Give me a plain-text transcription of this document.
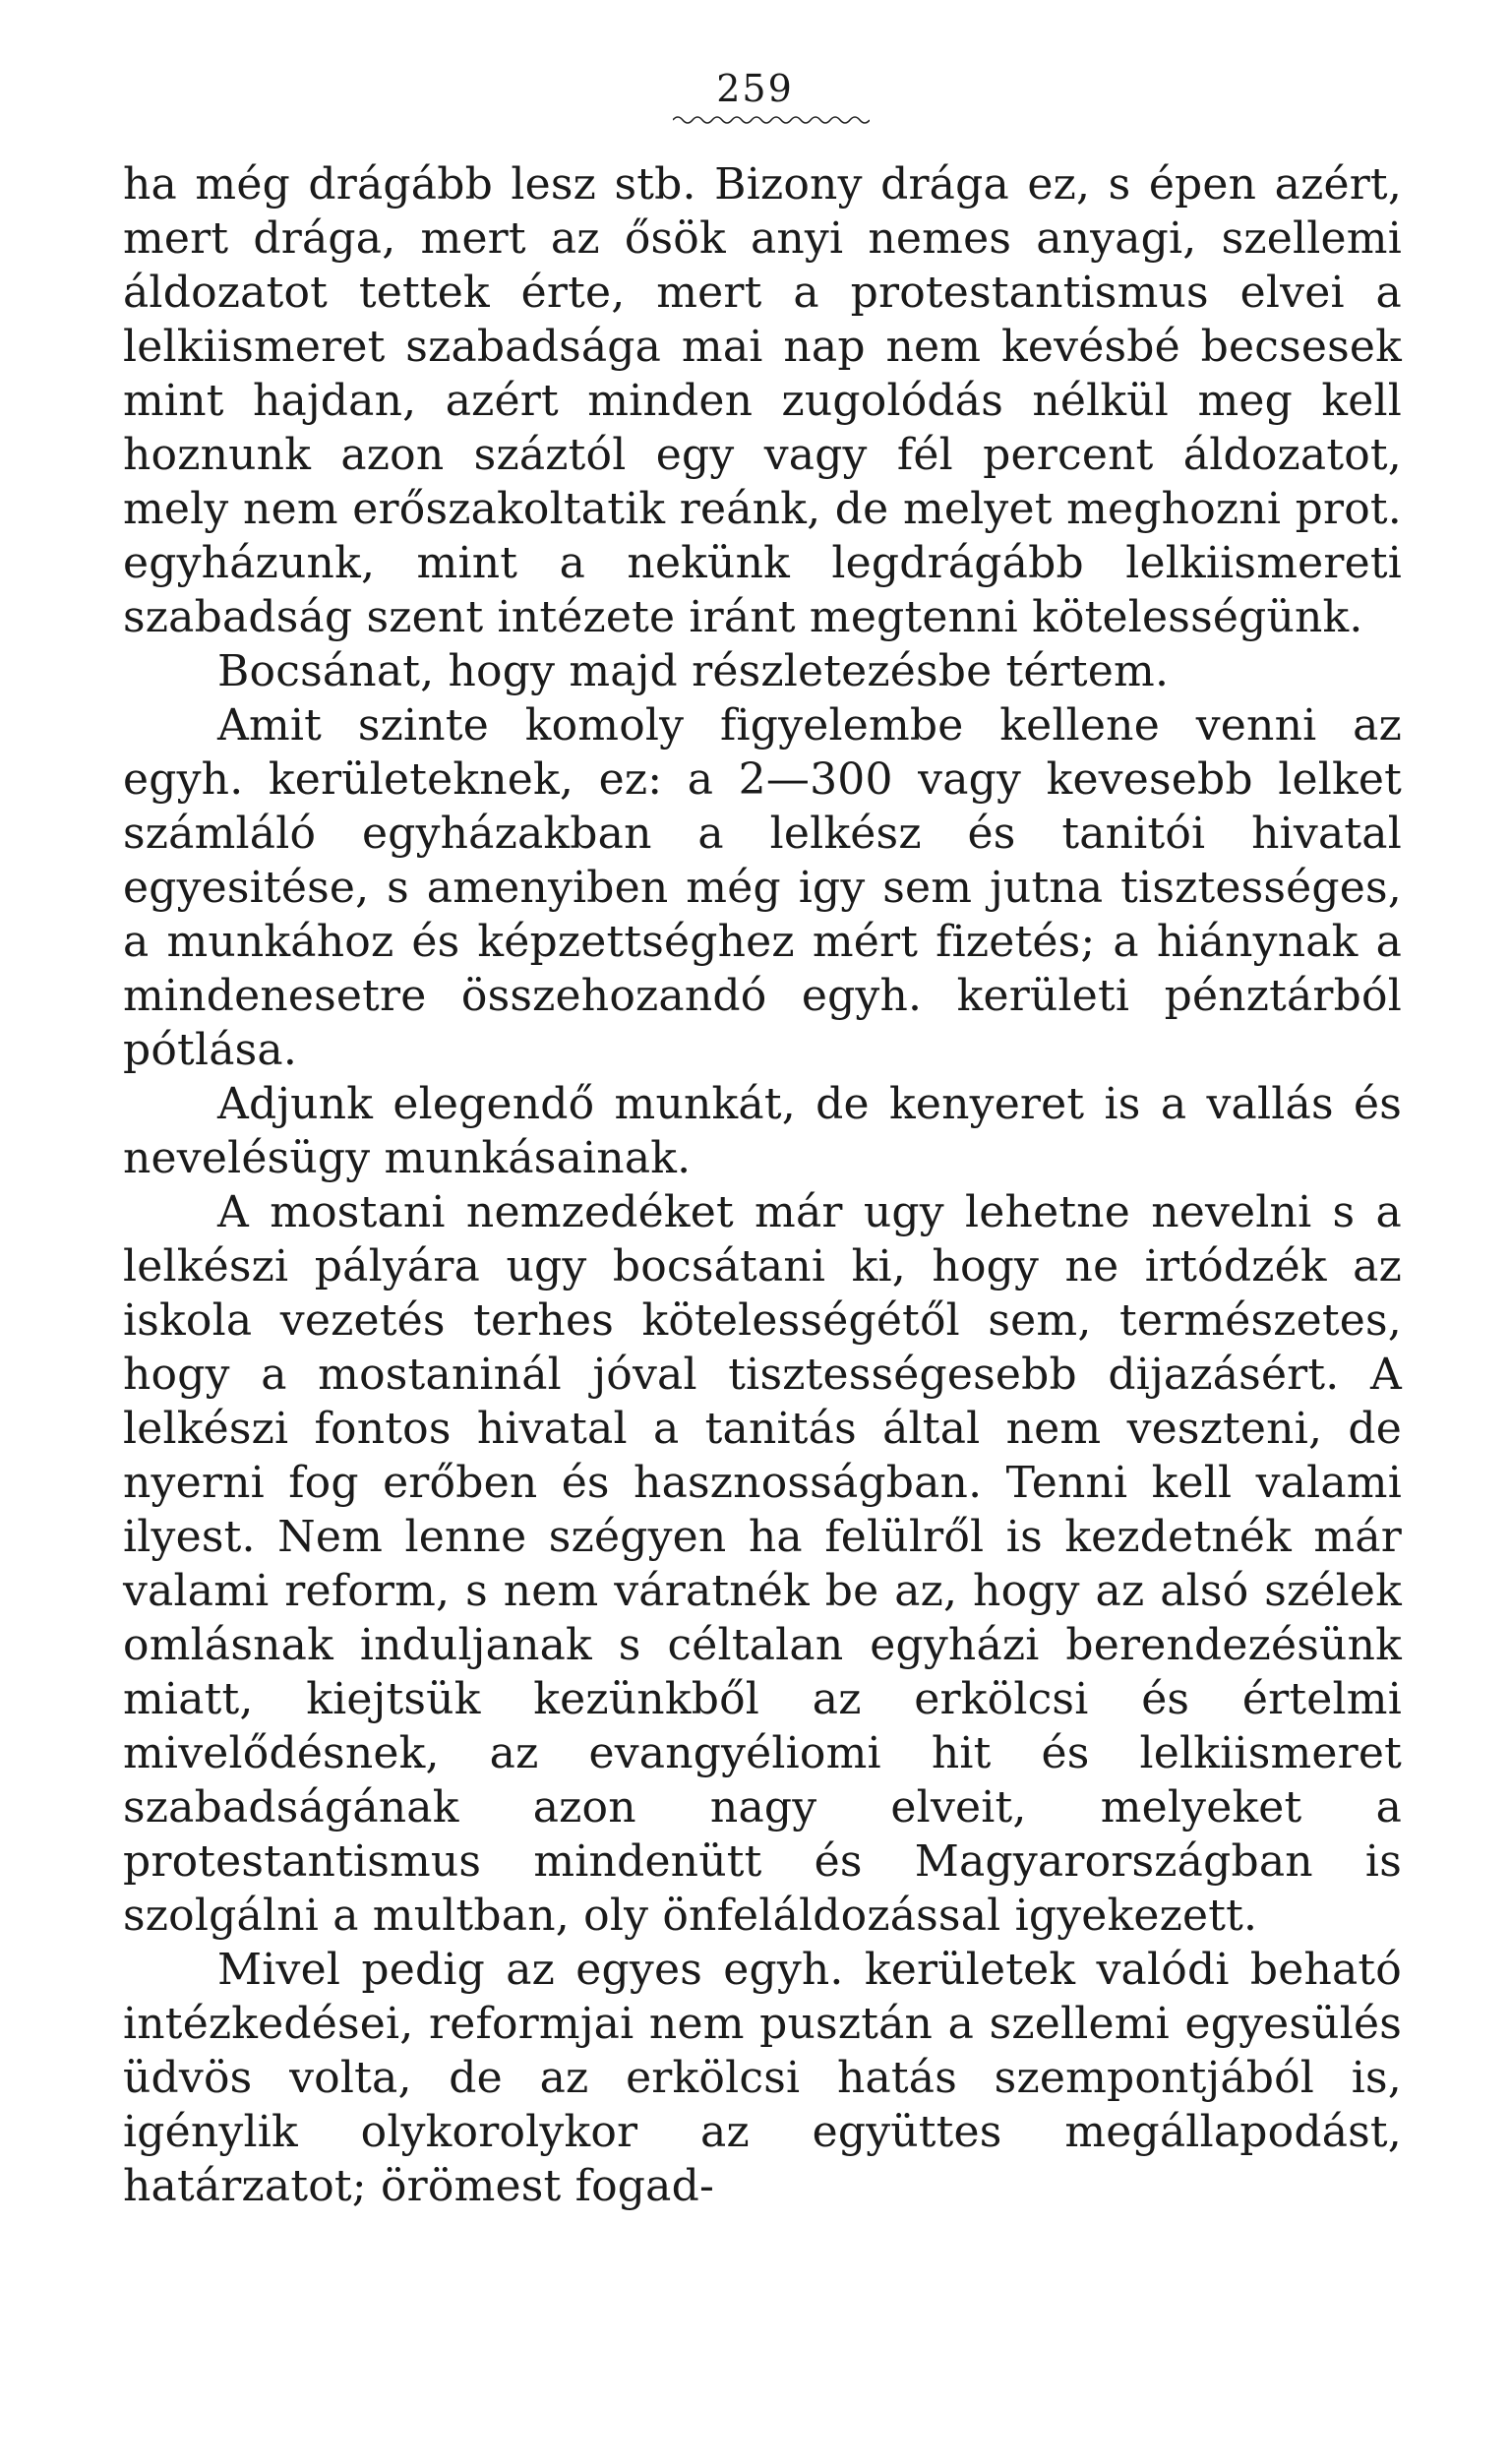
259

ha még drágább lesz stb. Bizony drága ez, s épen azért, mert drága, mert az ősök anyi nemes anyagi, szellemi áldozatot tettek érte, mert a protestantismus elvei a lelkiismeret szabadsága mai nap nem kevésbé becsesek mint hajdan, azért minden zugolódás nélkül meg kell hoznunk azon száztól egy vagy fél percent áldozatot, mely nem erőszakoltatik reánk, de melyet meghozni prot. egyházunk, mint a nekünk legdrágább lelkiismereti szabadság szent intézete iránt megtenni kötelességünk.

Bocsánat, hogy majd részletezésbe tértem.

Amit szinte komoly figyelembe kellene venni az egyh. kerületeknek, ez: a 2—300 vagy kevesebb lelket számláló egyházakban a lelkész és tanitói hivatal egyesitése, s amenyiben még igy sem jutna tisztességes, a munkához és képzettséghez mért fizetés; a hiánynak a mindenesetre összehozandó egyh. kerületi pénztárból pótlása.

Adjunk elegendő munkát, de kenyeret is a vallás és nevelésügy munkásainak.

A mostani nemzedéket már ugy lehetne nevelni s a lelkészi pályára ugy bocsátani ki, hogy ne irtódzék az iskola vezetés terhes kötelességétől sem, természetes, hogy a mostaninál jóval tisztességesebb dijazásért. A lelkészi fontos hivatal a tanitás által nem veszteni, de nyerni fog erőben és hasznosságban. Tenni kell valami ilyest. Nem lenne szégyen ha felülről is kezdetnék már valami reform, s nem váratnék be az, hogy az alsó szélek omlásnak induljanak s céltalan egyházi berendezésünk miatt, kiejtsük kezünkből az erkölcsi és értelmi mivelődésnek, az evangyéliomi hit és lelkiismeret szabadságának azon nagy elveit, melyeket a protestantismus mindenütt és Magyarországban is szolgálni a multban, oly önfeláldozással igyekezett.

Mivel pedig az egyes egyh. kerületek valódi beható intézkedései, reformjai nem pusztán a szellemi egyesülés üdvös volta, de az erkölcsi hatás szempontjából is, igénylik olykorolykor az együttes megállapodást, határzatot; örömest fogad-
